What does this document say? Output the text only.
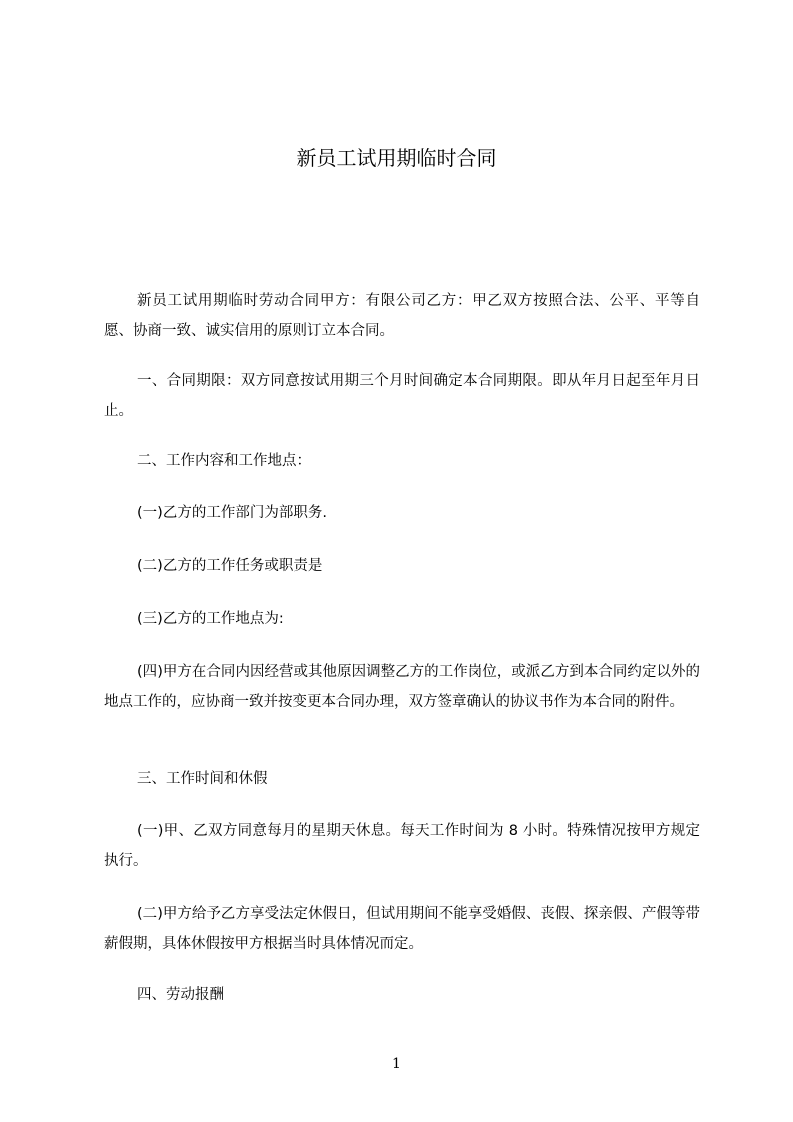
新员工试用期临时合同

新员工试用期临时劳动合同甲方：有限公司乙方：甲乙双方按照合法、公平、平等自愿、协商一致、诚实信用的原则订立本合同。

一、合同期限：双方同意按试用期三个月时间确定本合同期限。即从年月日起至年月日止。

二、工作内容和工作地点：

(一)乙方的工作部门为部职务.

(二)乙方的工作任务或职责是

(三)乙方的工作地点为:

(四)甲方在合同内因经营或其他原因调整乙方的工作岗位，或派乙方到本合同约定以外的地点工作的，应协商一致并按变更本合同办理，双方签章确认的协议书作为本合同的附件。

三、工作时间和休假

(一)甲、乙双方同意每月的星期天休息。每天工作时间为 8 小时。特殊情况按甲方规定执行。

(二)甲方给予乙方享受法定休假日，但试用期间不能享受婚假、丧假、探亲假、产假等带薪假期，具体休假按甲方根据当时具体情况而定。

四、劳动报酬

1
